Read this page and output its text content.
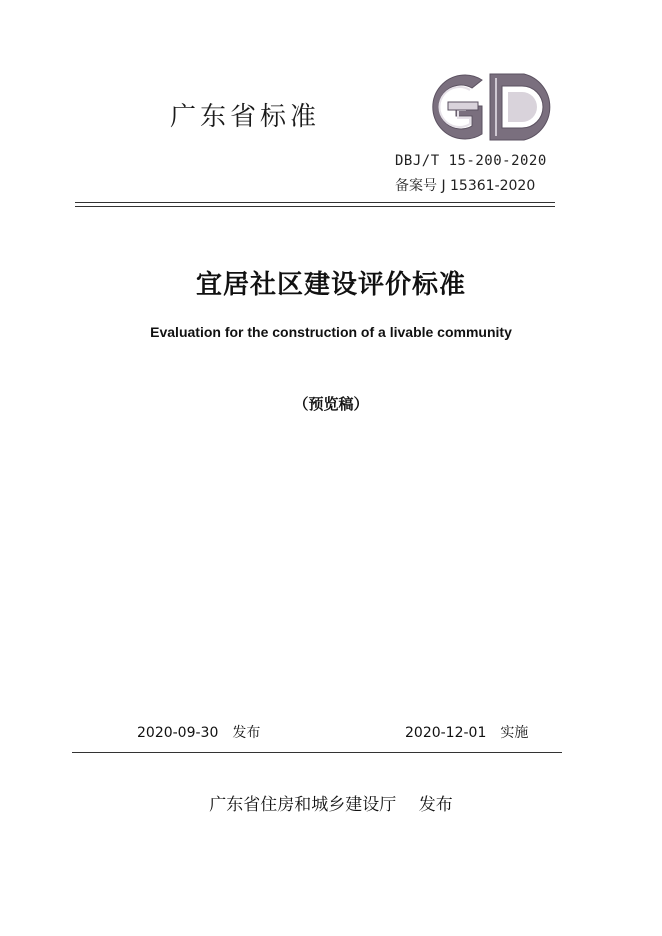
广东省标准
DBJ/T 15-200-2020
备案号 J 15361-2020
宜居社区建设评价标准
Evaluation for the construction of a livable community
（预览稿）
2020-09-30　发布	2020-12-01　实施
广东省住房和城乡建设厅　 发布
